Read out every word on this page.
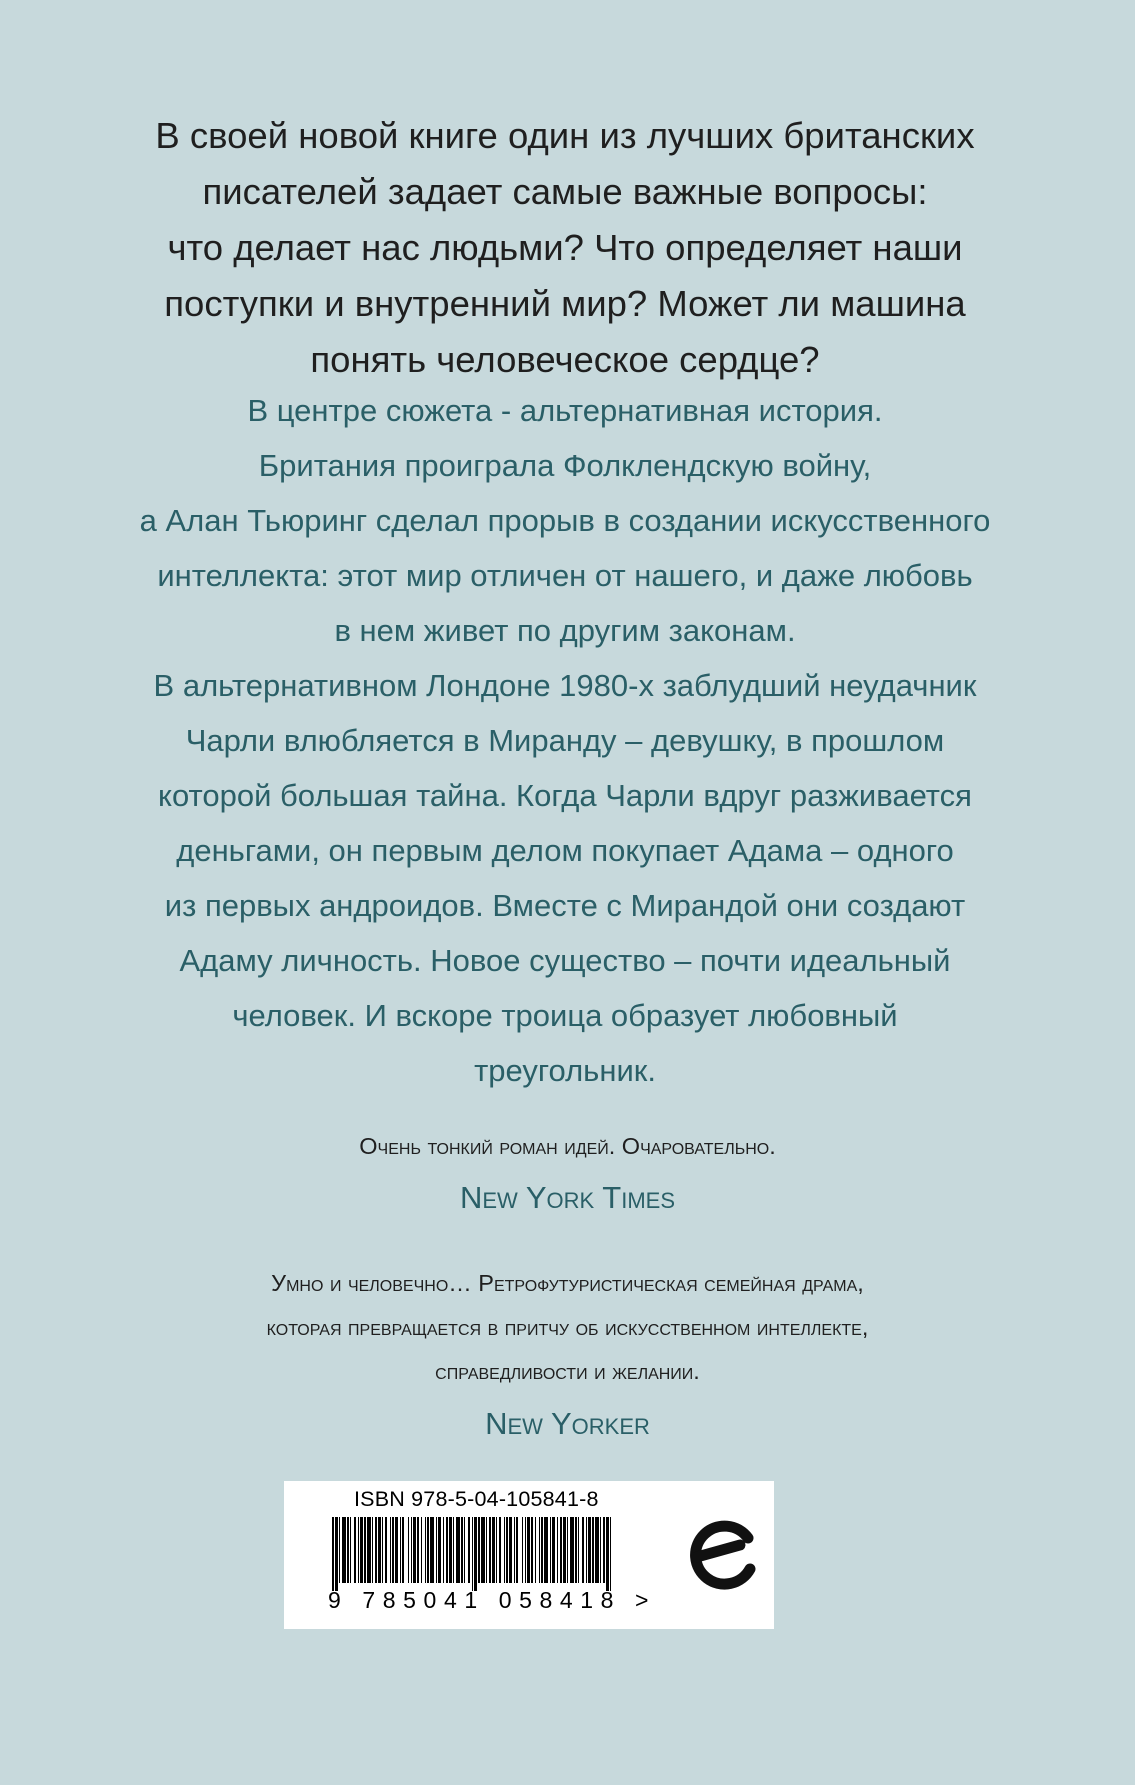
В своей новой книге один из лучших британских
писателей задает самые важные вопросы:
что делает нас людьми? Что определяет наши
поступки и внутренний мир? Может ли машина
понять человеческое сердце?
В центре сюжета - альтернативная история.
Британия проиграла Фолклендскую войну,
а Алан Тьюринг сделал прорыв в создании искусственного
интеллекта: этот мир отличен от нашего, и даже любовь
в нем живет по другим законам.
В альтернативном Лондоне 1980-х заблудший неудачник
Чарли влюбляется в Миранду – девушку, в прошлом
которой большая тайна. Когда Чарли вдруг разживается
деньгами, он первым делом покупает Адама – одного
из первых андроидов. Вместе с Мирандой они создают
Адаму личность. Новое существо – почти идеальный
человек. И вскоре троица образует любовный
треугольник.
Очень тонкий роман идей. Очаровательно.
New York Times
Умно и человечно… Ретрофутуристическая семейная драма,
которая превращается в притчу об искусственном интеллекте,
справедливости и желании.
New Yorker
ISBN 978-5-04-105841-8
9 785041 058418 >
